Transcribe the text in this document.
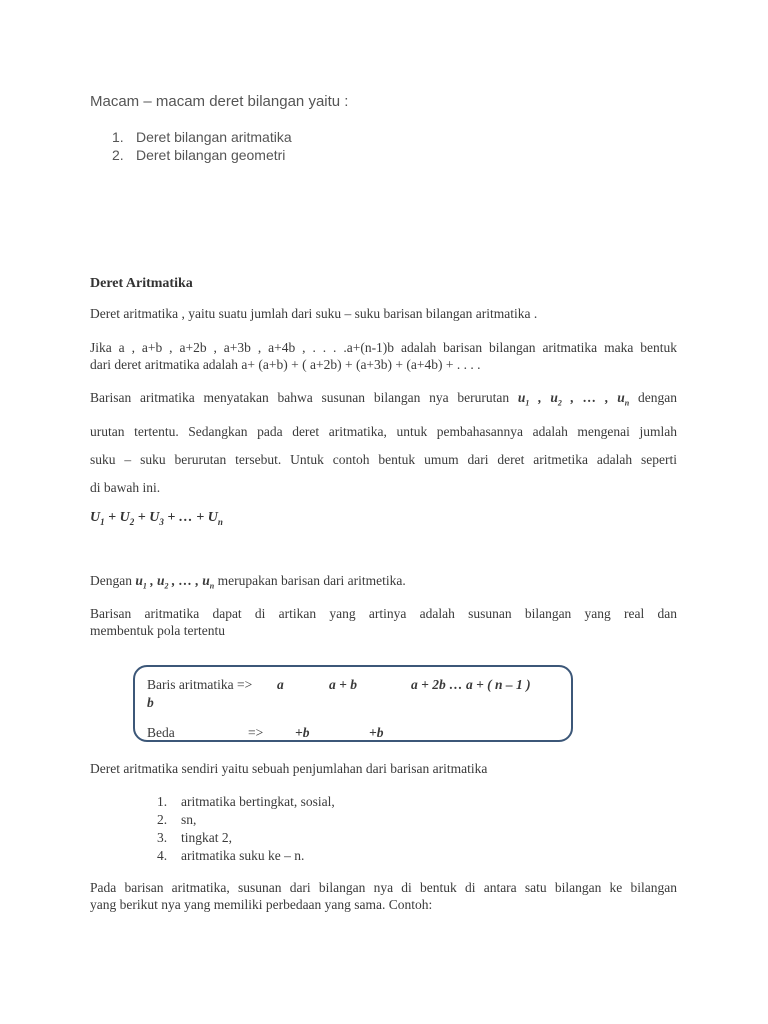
Macam – macam deret bilangan yaitu :
1. Deret bilangan aritmatika
2. Deret bilangan geometri
Deret Aritmatika
Deret aritmatika , yaitu suatu jumlah dari suku – suku barisan bilangan aritmatika .
Jika a , a+b , a+2b , a+3b , a+4b , . . . .a+(n-1)b adalah barisan bilangan aritmatika maka bentuk
dari deret aritmatika adalah a+ (a+b) + ( a+2b) + (a+3b) + (a+4b) + . . . .
Barisan aritmatika menyatakan bahwa susunan bilangan nya berurutan $u_1$ , $u_2$ , … , $u_n$ dengan
urutan tertentu. Sedangkan pada deret aritmatika, untuk pembahasannya adalah mengenai jumlah
suku – suku berurutan tersebut. Untuk contoh bentuk umum dari deret aritmetika adalah seperti
di bawah ini.
$U_1 + U_2 + U_3$ + … + $U_n$
Dengan $u_1$ , $u_2$ , … , $u_n$ merupakan barisan dari aritmetika.
Barisan aritmatika dapat di artikan yang artinya adalah susunan bilangan yang real dan
membentuk pola tertentu
Baris aritmatika => a	a + b	a + 2b … a + ( n – 1 )
b
Beda	=> +b	+b
Deret aritmatika sendiri yaitu sebuah penjumlahan dari barisan aritmatika
1. aritmatika bertingkat, sosial,
2. sn,
3. tingkat 2,
4. aritmatika suku ke – n.
Pada barisan aritmatika, susunan dari bilangan nya di bentuk di antara satu bilangan ke bilangan
yang berikut nya yang memiliki perbedaan yang sama. Contoh:
